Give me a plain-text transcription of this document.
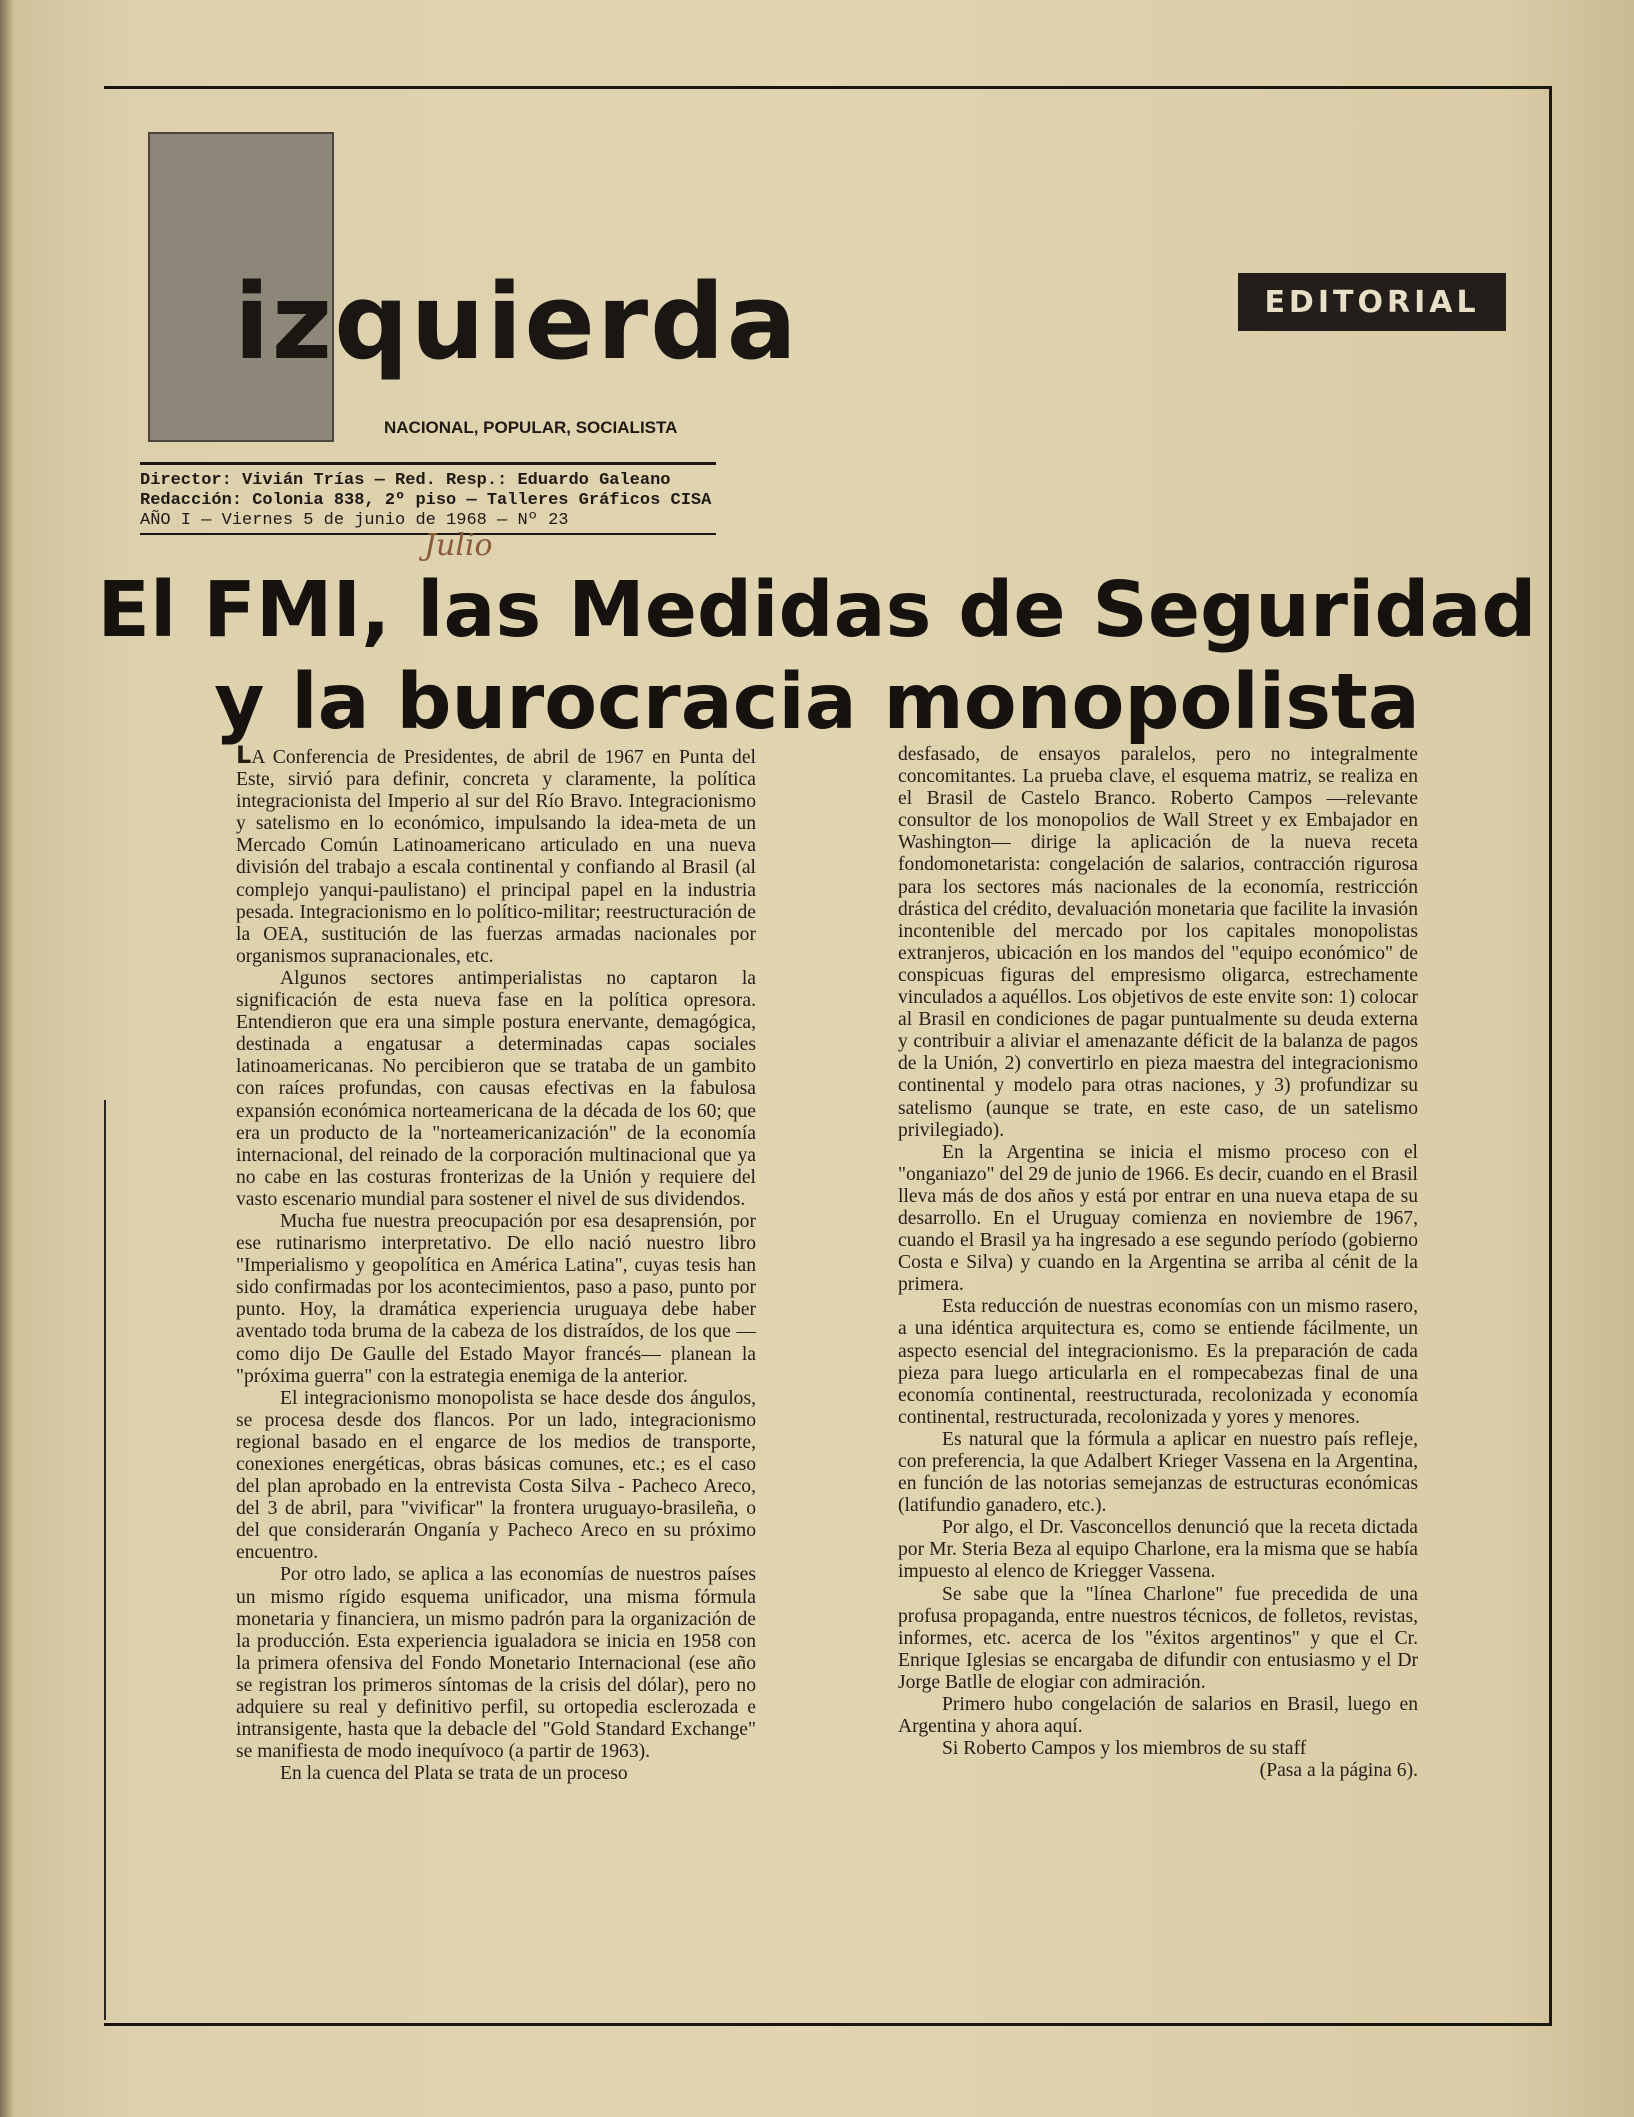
izquierda
NACIONAL, POPULAR, SOCIALISTA
EDITORIAL
Director: Vivián Trías — Red. Resp.: Eduardo Galeano
Redacción: Colonia 838, 2º piso — Talleres Gráficos CISA
AÑO I — Viernes 5 de junio de 1968 — Nº 23
Julio
El FMI, las Medidas de Seguridad
y la burocracia monopolista

LA Conferencia de Presidentes, de abril de 1967 en Punta del Este, sirvió para definir, concreta y claramente, la política integracionista del Imperio al sur del Río Bravo. Integracionismo y satelismo en lo económico, impulsando la idea-meta de un Mercado Común Latinoamericano articulado en una nueva división del trabajo a escala continental y confiando al Brasil (al complejo yanqui-paulistano) el principal papel en la industria pesada. Integracionismo en lo político-militar; reestructuración de la OEA, sustitución de las fuerzas armadas nacionales por organismos supranacionales, etc.

Algunos sectores antimperialistas no captaron la significación de esta nueva fase en la política opresora. Entendieron que era una simple postura enervante, demagógica, destinada a engatusar a determinadas capas sociales latinoamericanas. No percibieron que se trataba de un gambito con raíces profundas, con causas efectivas en la fabulosa expansión económica norteamericana de la década de los 60; que era un producto de la "norteamericanización" de la economía internacional, del reinado de la corporación multinacional que ya no cabe en las costuras fronterizas de la Unión y requiere del vasto escenario mundial para sostener el nivel de sus dividendos.

Mucha fue nuestra preocupación por esa desaprensión, por ese rutinarismo interpretativo. De ello nació nuestro libro "Imperialismo y geopolítica en América Latina", cuyas tesis han sido confirmadas por los acontecimientos, paso a paso, punto por punto. Hoy, la dramática experiencia uruguaya debe haber aventado toda bruma de la cabeza de los distraídos, de los que —como dijo De Gaulle del Estado Mayor francés— planean la "próxima guerra" con la estrategia enemiga de la anterior.

El integracionismo monopolista se hace desde dos ángulos, se procesa desde dos flancos. Por un lado, integracionismo regional basado en el engarce de los medios de transporte, conexiones energéticas, obras básicas comunes, etc.; es el caso del plan aprobado en la entrevista Costa Silva - Pacheco Areco, del 3 de abril, para "vivificar" la frontera uruguayo-brasileña, o del que considerarán Onganía y Pacheco Areco en su próximo encuentro.

Por otro lado, se aplica a las economías de nuestros países un mismo rígido esquema unificador, una misma fórmula monetaria y financiera, un mismo padrón para la organización de la producción. Esta experiencia igualadora se inicia en 1958 con la primera ofensiva del Fondo Monetario Internacional (ese año se registran los primeros síntomas de la crisis del dólar), pero no adquiere su real y definitivo perfil, su ortopedia esclerozada e intransigente, hasta que la debacle del "Gold Standard Exchange" se manifiesta de modo inequívoco (a partir de 1963).

En la cuenca del Plata se trata de un proceso

desfasado, de ensayos paralelos, pero no integralmente concomitantes. La prueba clave, el esquema matriz, se realiza en el Brasil de Castelo Branco. Roberto Campos —relevante consultor de los monopolios de Wall Street y ex Embajador en Washington— dirige la aplicación de la nueva receta fondomonetarista: congelación de salarios, contracción rigurosa para los sectores más nacionales de la economía, restricción drástica del crédito, devaluación monetaria que facilite la invasión incontenible del mercado por los capitales monopolistas extranjeros, ubicación en los mandos del "equipo económico" de conspicuas figuras del empresismo oligarca, estrechamente vinculados a aquéllos. Los objetivos de este envite son: 1) colocar al Brasil en condiciones de pagar puntualmente su deuda externa y contribuir a aliviar el amenazante déficit de la balanza de pagos de la Unión, 2) convertirlo en pieza maestra del integracionismo continental y modelo para otras naciones, y 3) profundizar su satelismo (aunque se trate, en este caso, de un satelismo privilegiado).

En la Argentina se inicia el mismo proceso con el "onganiazo" del 29 de junio de 1966. Es decir, cuando en el Brasil lleva más de dos años y está por entrar en una nueva etapa de su desarrollo. En el Uruguay comienza en noviembre de 1967, cuando el Brasil ya ha ingresado a ese segundo período (gobierno Costa e Silva) y cuando en la Argentina se arriba al cénit de la primera.

Esta reducción de nuestras economías con un mismo rasero, a una idéntica arquitectura es, como se entiende fácilmente, un aspecto esencial del integracionismo. Es la preparación de cada pieza para luego articularla en el rompecabezas final de una economía continental, reestructurada, recolonizada y economía continental, restructurada, recolonizada y yores y menores.

Es natural que la fórmula a aplicar en nuestro país refleje, con preferencia, la que Adalbert Krieger Vassena en la Argentina, en función de las notorias semejanzas de estructuras económicas (latifundio ganadero, etc.).

Por algo, el Dr. Vasconcellos denunció que la receta dictada por Mr. Steria Beza al equipo Charlone, era la misma que se había impuesto al elenco de Kriegger Vassena.

Se sabe que la "línea Charlone" fue precedida de una profusa propaganda, entre nuestros técnicos, de folletos, revistas, informes, etc. acerca de los "éxitos argentinos" y que el Cr. Enrique Iglesias se encargaba de difundir con entusiasmo y el Dr Jorge Batlle de elogiar con admiración.

Primero hubo congelación de salarios en Brasil, luego en Argentina y ahora aquí.

Si Roberto Campos y los miembros de su staff

(Pasa a la página 6).
